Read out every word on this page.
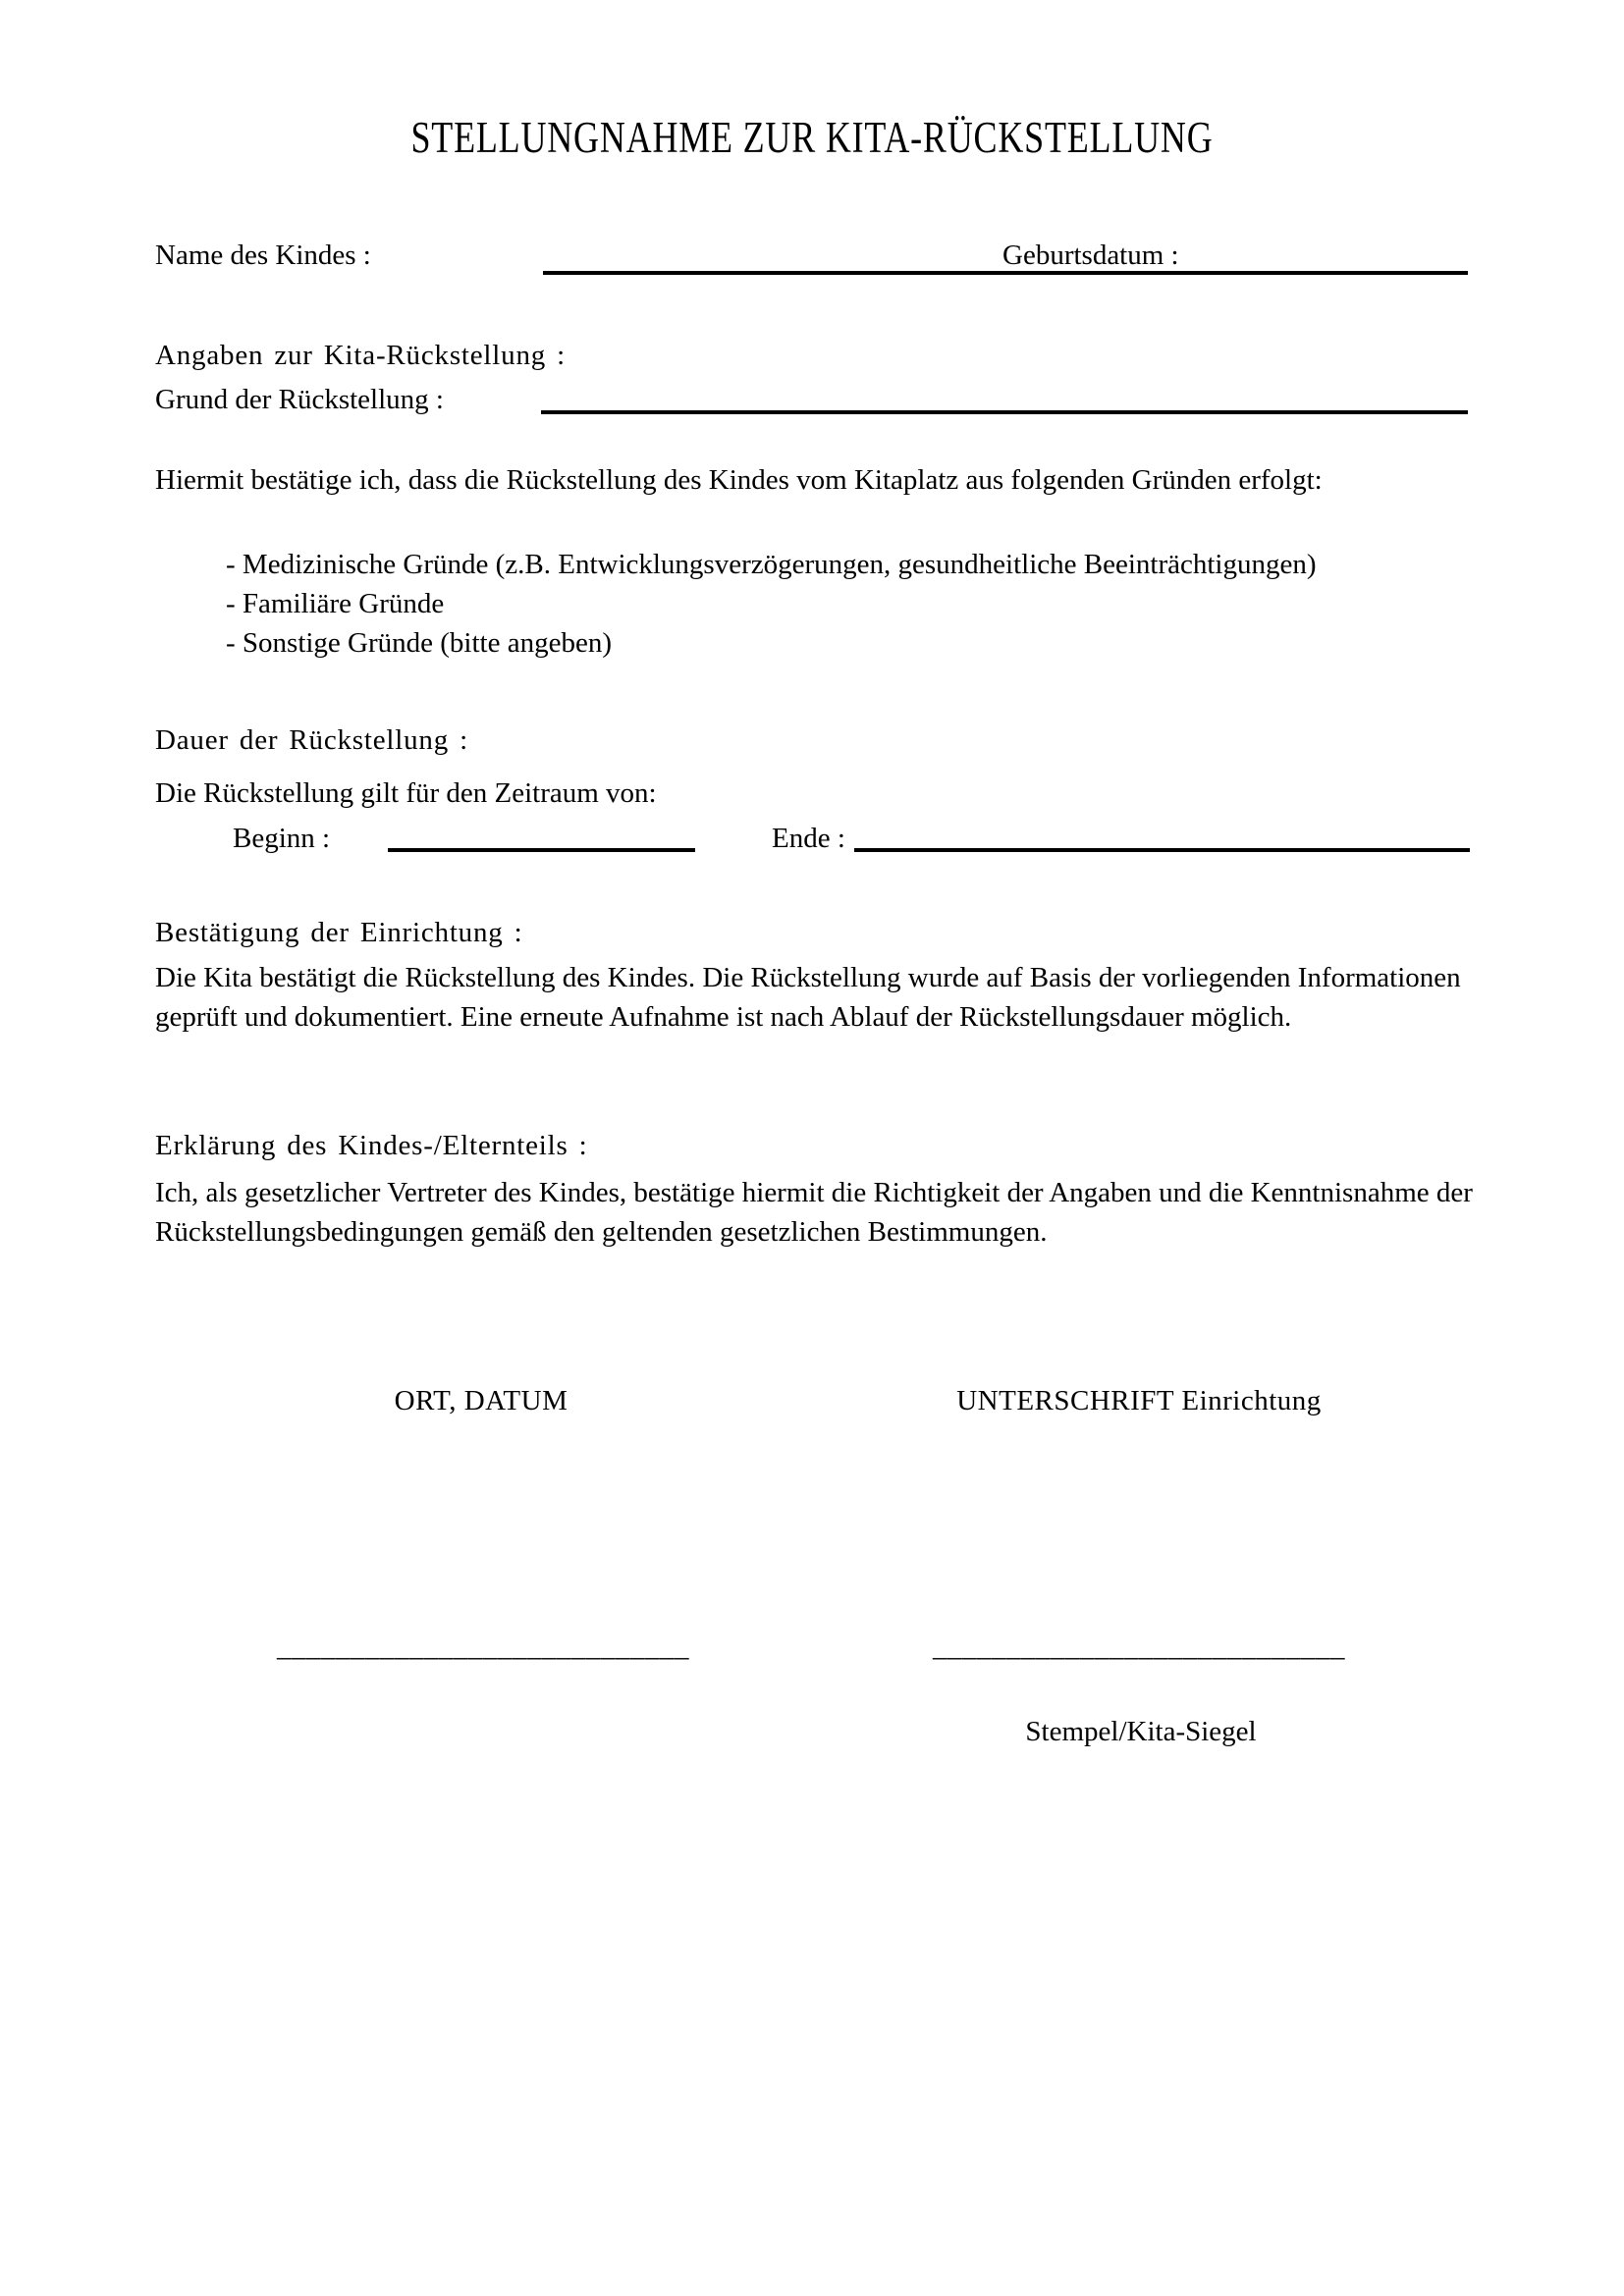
STELLUNGNAHME ZUR KITA-RÜCKSTELLUNG
Name des Kindes :	Geburtsdatum :
Angaben zur Kita-Rückstellung :
Grund der Rückstellung :
Hiermit bestätige ich, dass die Rückstellung des Kindes vom Kitaplatz aus folgenden Gründen erfolgt:
- Medizinische Gründe (z.B. Entwicklungsverzögerungen, gesundheitliche Beeinträchtigungen)
- Familiäre Gründe
- Sonstige Gründe (bitte angeben)
Dauer der Rückstellung :
Die Rückstellung gilt für den Zeitraum von:
Beginn :	Ende :
Bestätigung der Einrichtung :
Die Kita bestätigt die Rückstellung des Kindes. Die Rückstellung wurde auf Basis der vorliegenden Informationen
geprüft und dokumentiert. Eine erneute Aufnahme ist nach Ablauf der Rückstellungsdauer möglich.
Erklärung des Kindes-/Elternteils :
Ich, als gesetzlicher Vertreter des Kindes, bestätige hiermit die Richtigkeit der Angaben und die Kenntnisnahme der
Rückstellungsbedingungen gemäß den geltenden gesetzlichen Bestimmungen.
ORT, DATUM	UNTERSCHRIFT Einrichtung
____________________________	____________________________
Stempel/Kita-Siegel
